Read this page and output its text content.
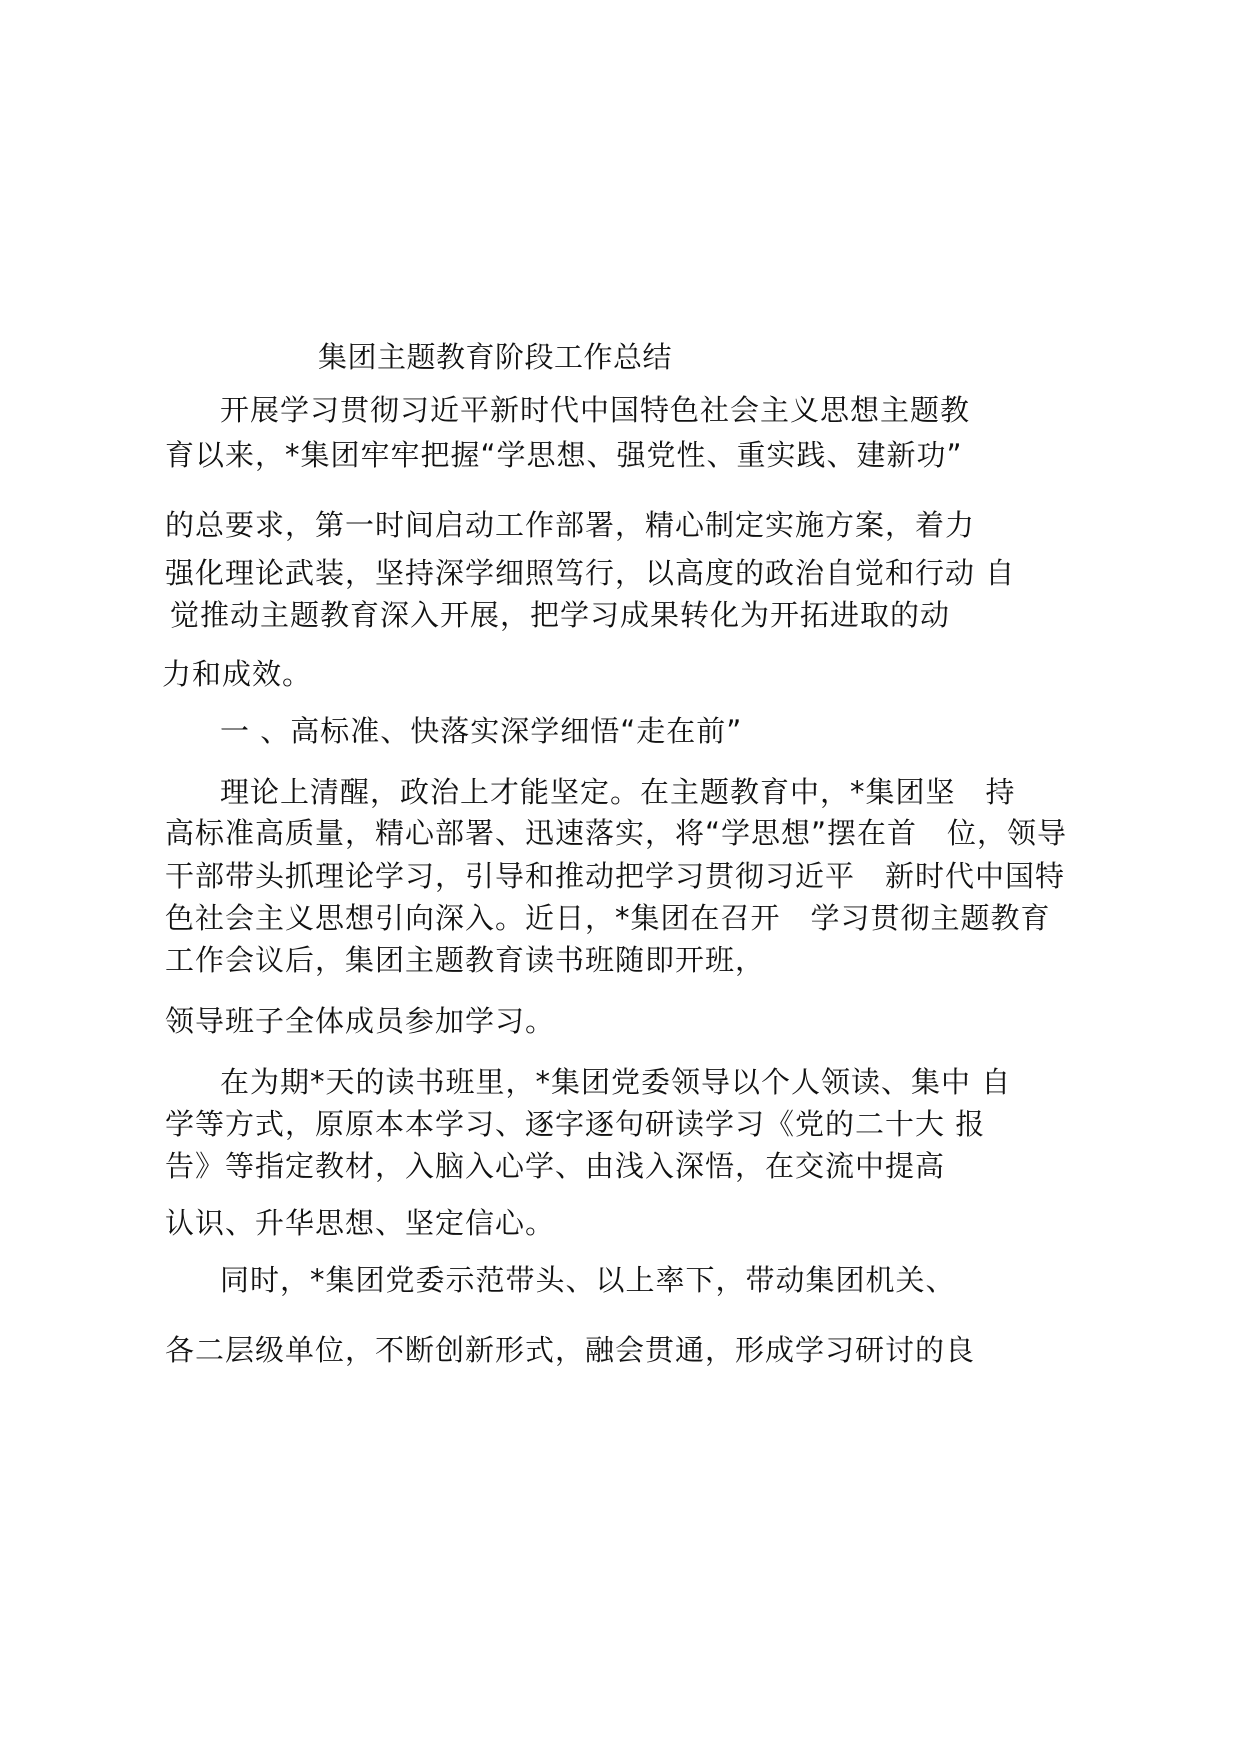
集团主题教育阶段工作总结
开展学习贯彻习近平新时代中国特色社会主义思想主题教
育以来，*集团牢牢把握“学思想、强党性、重实践、建新功”
的总要求，第一时间启动工作部署，精心制定实施方案，着力
强化理论武装，坚持深学细照笃行，以高度的政治自觉和行动 自
觉推动主题教育深入开展，把学习成果转化为开拓进取的动
力和成效。
一 、高标准、快落实深学细悟“走在前”
理论上清醒，政治上才能坚定。在主题教育中，*集团坚　持
高标准高质量，精心部署、迅速落实，将“学思想”摆在首　位，领导
干部带头抓理论学习，引导和推动把学习贯彻习近平　新时代中国特
色社会主义思想引向深入。近日，*集团在召开　学习贯彻主题教育
工作会议后，集团主题教育读书班随即开班，
领导班子全体成员参加学习。
在为期*天的读书班里，*集团党委领导以个人领读、集中 自
学等方式，原原本本学习、逐字逐句研读学习《党的二十大 报
告》等指定教材，入脑入心学、由浅入深悟，在交流中提高
认识、升华思想、坚定信心。
同时，*集团党委示范带头、以上率下，带动集团机关、
各二层级单位，不断创新形式，融会贯通，形成学习研讨的良
